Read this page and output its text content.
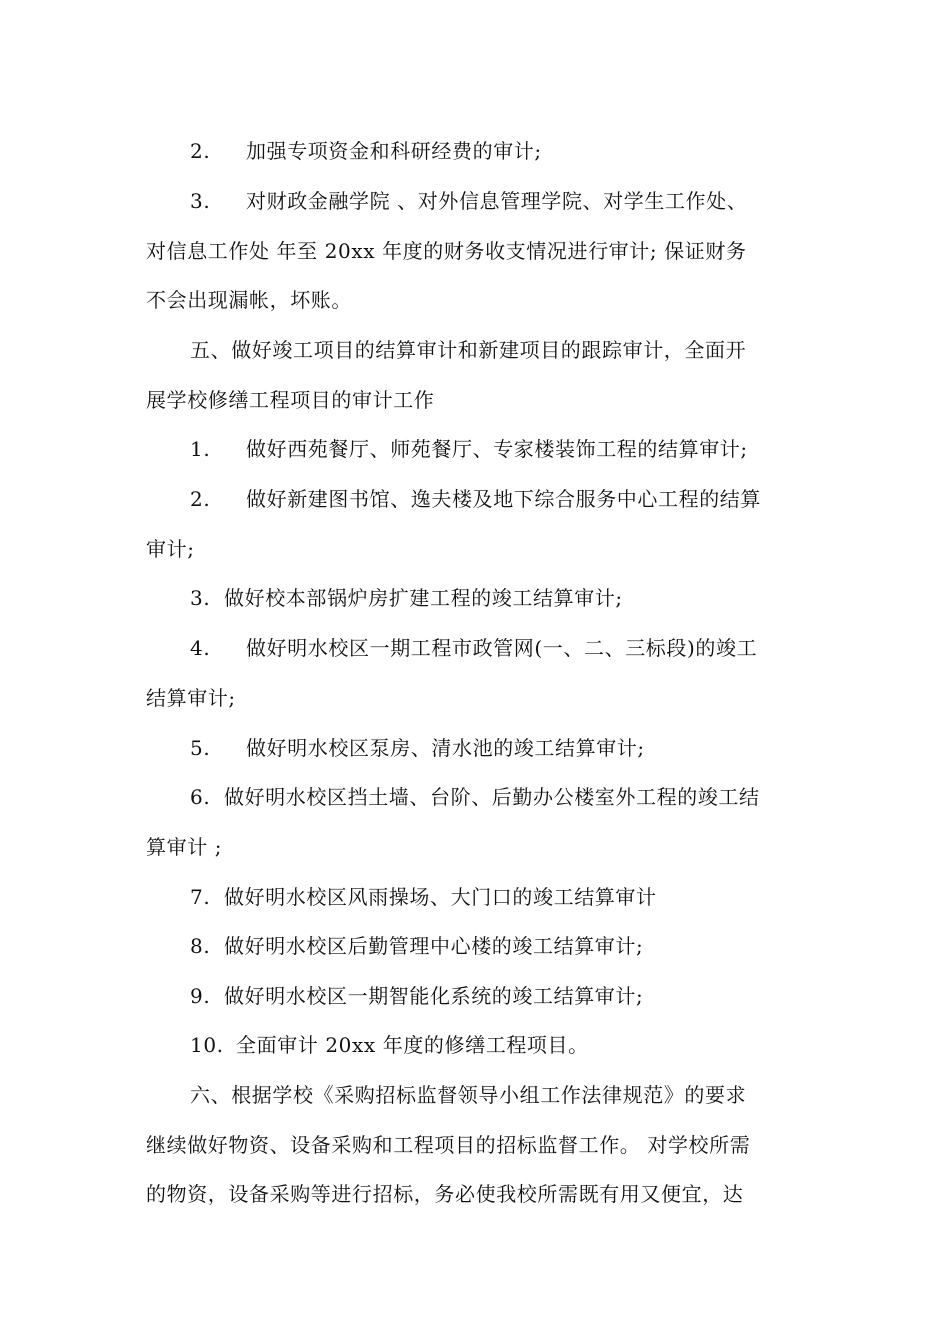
2. 加强专项资金和科研经费的审计;
3. 对财政金融学院 、对外信息管理学院、对学生工作处、
对信息工作处 年至 20xx 年度的财务收支情况进行审计; 保证财务
不会出现漏帐，坏账。
五、做好竣工项目的结算审计和新建项目的跟踪审计，全面开
展学校修缮工程项目的审计工作
1. 做好西苑餐厅、师苑餐厅、专家楼装饰工程的结算审计;
2. 做好新建图书馆、逸夫楼及地下综合服务中心工程的结算
审计;
3. 做好校本部锅炉房扩建工程的竣工结算审计;
4. 做好明水校区一期工程市政管网(一、二、三标段)的竣工
结算审计;
5. 做好明水校区泵房、清水池的竣工结算审计;
6. 做好明水校区挡土墙、台阶、后勤办公楼室外工程的竣工结
算审计 ;
7. 做好明水校区风雨操场、大门口的竣工结算审计
8. 做好明水校区后勤管理中心楼的竣工结算审计;
9. 做好明水校区一期智能化系统的竣工结算审计;
10. 全面审计 20xx 年度的修缮工程项目。
六、根据学校《采购招标监督领导小组工作法律规范》的要求
继续做好物资、设备采购和工程项目的招标监督工作。 对学校所需
的物资，设备采购等进行招标，务必使我校所需既有用又便宜，达
